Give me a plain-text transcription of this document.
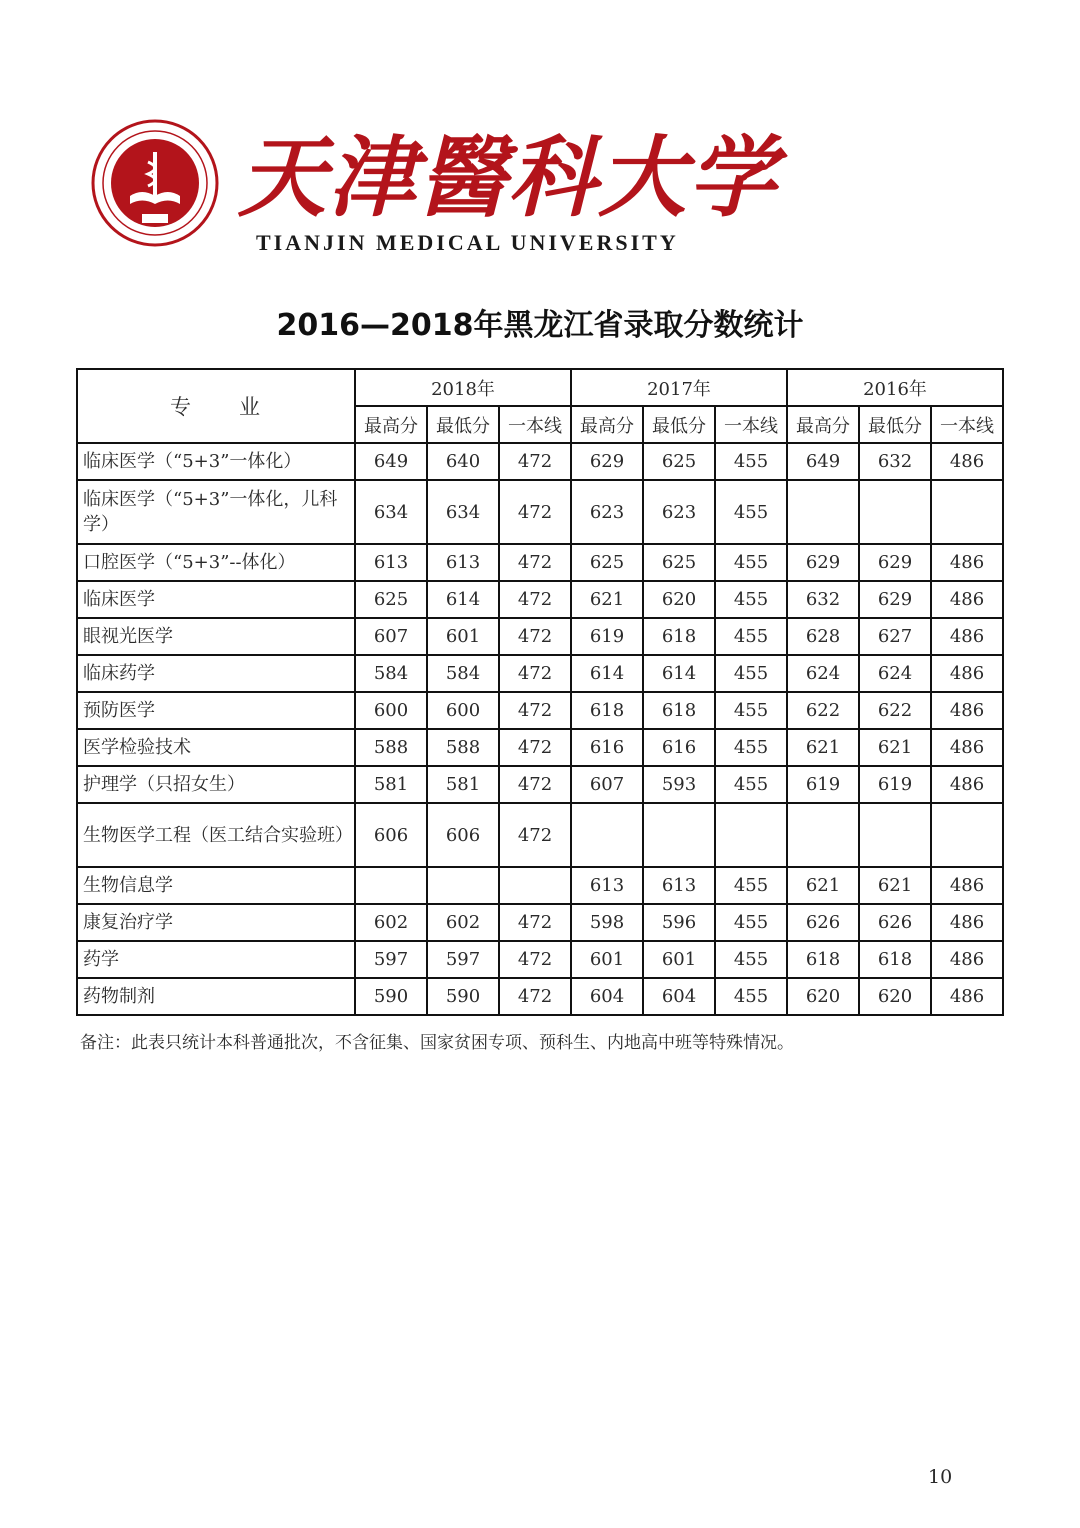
天津醫科大学
TIANJIN MEDICAL UNIVERSITY
2016—2018年黑龙江省录取分数统计
专　　业	2018年			2017年			2016年		
	最高分	最低分	一本线	最高分	最低分	一本线	最高分	最低分	一本线
临床医学（“5+3”一体化）	649	640	472	629	625	455	649	632	486
临床医学（“5+3”一体化，儿科学）	634	634	472	623	623	455			
口腔医学（“5+3”--体化）	613	613	472	625	625	455	629	629	486
临床医学	625	614	472	621	620	455	632	629	486
眼视光医学	607	601	472	619	618	455	628	627	486
临床药学	584	584	472	614	614	455	624	624	486
预防医学	600	600	472	618	618	455	622	622	486
医学检验技术	588	588	472	616	616	455	621	621	486
护理学（只招女生）	581	581	472	607	593	455	619	619	486
生物医学工程（医工结合实验班）	606	606	472						
生物信息学				613	613	455	621	621	486
康复治疗学	602	602	472	598	596	455	626	626	486
药学	597	597	472	601	601	455	618	618	486
药物制剂	590	590	472	604	604	455	620	620	486
备注：此表只统计本科普通批次，不含征集、国家贫困专项、预科生、内地高中班等特殊情况。
10
